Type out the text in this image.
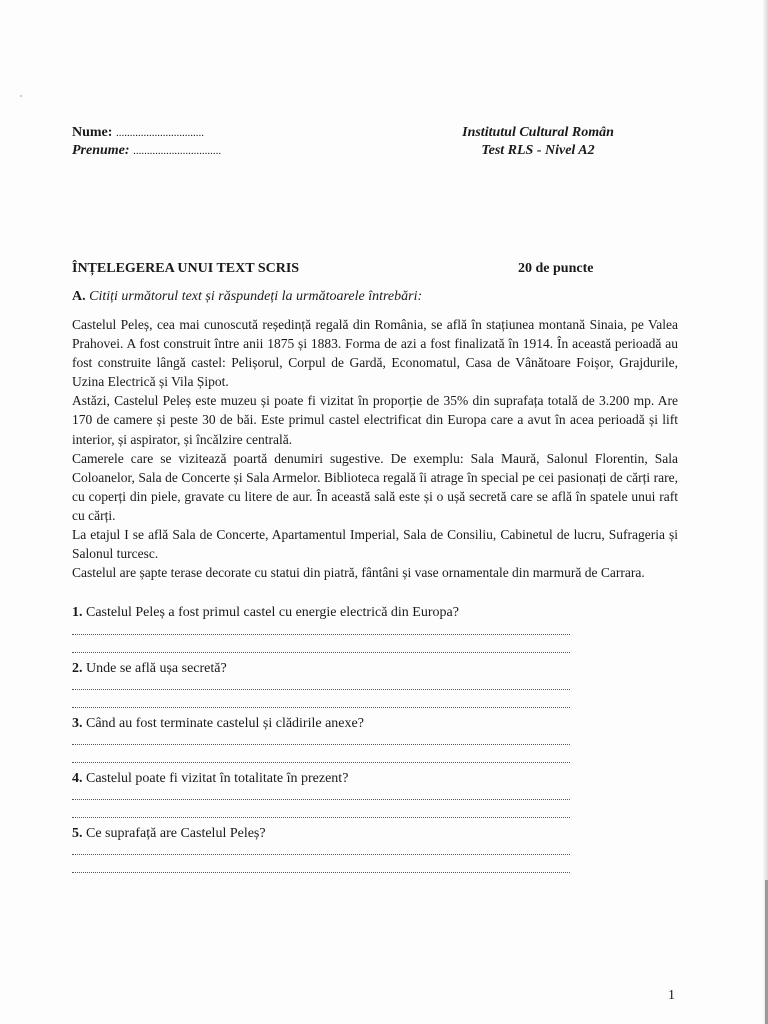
Nume: ................................
Prenume: ................................
Institutul Cultural Român
Test RLS - Nivel A2
ÎNȚELEGEREA UNUI TEXT SCRIS	20 de puncte
A. Citiți următorul text și răspundeți la următoarele întrebări:

Castelul Peleș, cea mai cunoscută reședință regală din România, se află în stațiunea montană Sinaia, pe Valea Prahovei. A fost construit între anii 1875 și 1883. Forma de azi a fost finalizată în 1914. În această perioadă au fost construite lângă castel: Pelișorul, Corpul de Gardă, Economatul, Casa de Vânătoare Foișor, Grajdurile, Uzina Electrică și Vila Șipot.

Astăzi, Castelul Peleș este muzeu și poate fi vizitat în proporție de 35% din suprafața totală de 3.200 mp. Are 170 de camere și peste 30 de băi. Este primul castel electrificat din Europa care a avut în acea perioadă și lift interior, și aspirator, și încălzire centrală.

Camerele care se vizitează poartă denumiri sugestive. De exemplu: Sala Maură, Salonul Florentin, Sala Coloanelor, Sala de Concerte și Sala Armelor. Biblioteca regală îi atrage în special pe cei pasionați de cărți rare, cu coperți din piele, gravate cu litere de aur. În această sală este și o ușă secretă care se află în spatele unui raft cu cărți.

La etajul I se află Sala de Concerte, Apartamentul Imperial, Sala de Consiliu, Cabinetul de lucru, Sufrageria și Salonul turcesc.

Castelul are șapte terase decorate cu statui din piatră, fântâni și vase ornamentale din marmură de Carrara.

1. Castelul Peleș a fost primul castel cu energie electrică din Europa?
2. Unde se află ușa secretă?
3. Când au fost terminate castelul și clădirile anexe?
4. Castelul poate fi vizitat în totalitate în prezent?
5. Ce suprafață are Castelul Peleș?
1
